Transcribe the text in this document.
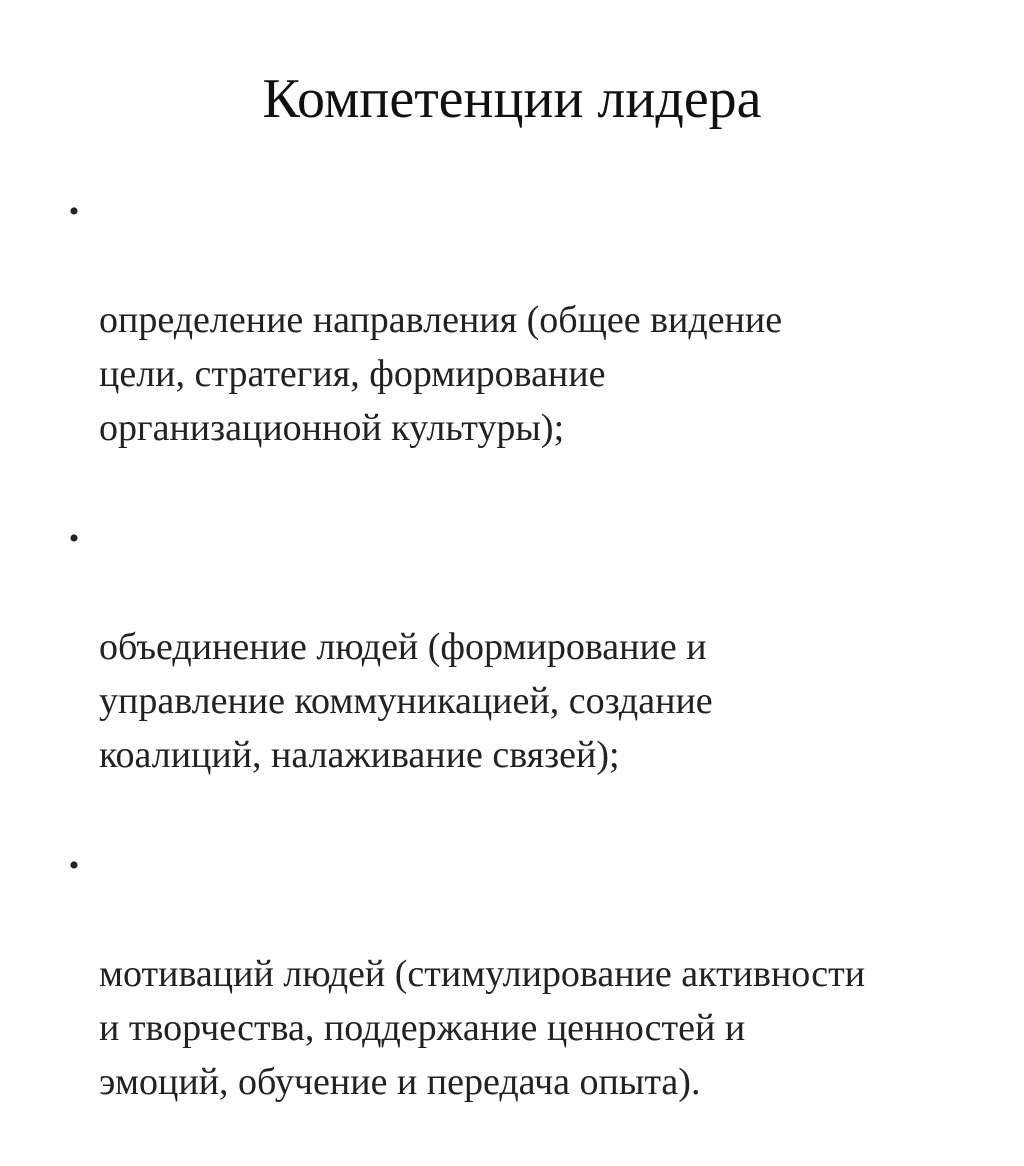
Компетенции лидера

•

определение направления (общее видение
цели, стратегия, формирование
организационной культуры);

•

объединение людей (формирование и
управление коммуникацией, создание
коалиций, налаживание связей);

•

мотиваций людей (стимулирование активности
и творчества, поддержание ценностей и
эмоций, обучение и передача опыта).
